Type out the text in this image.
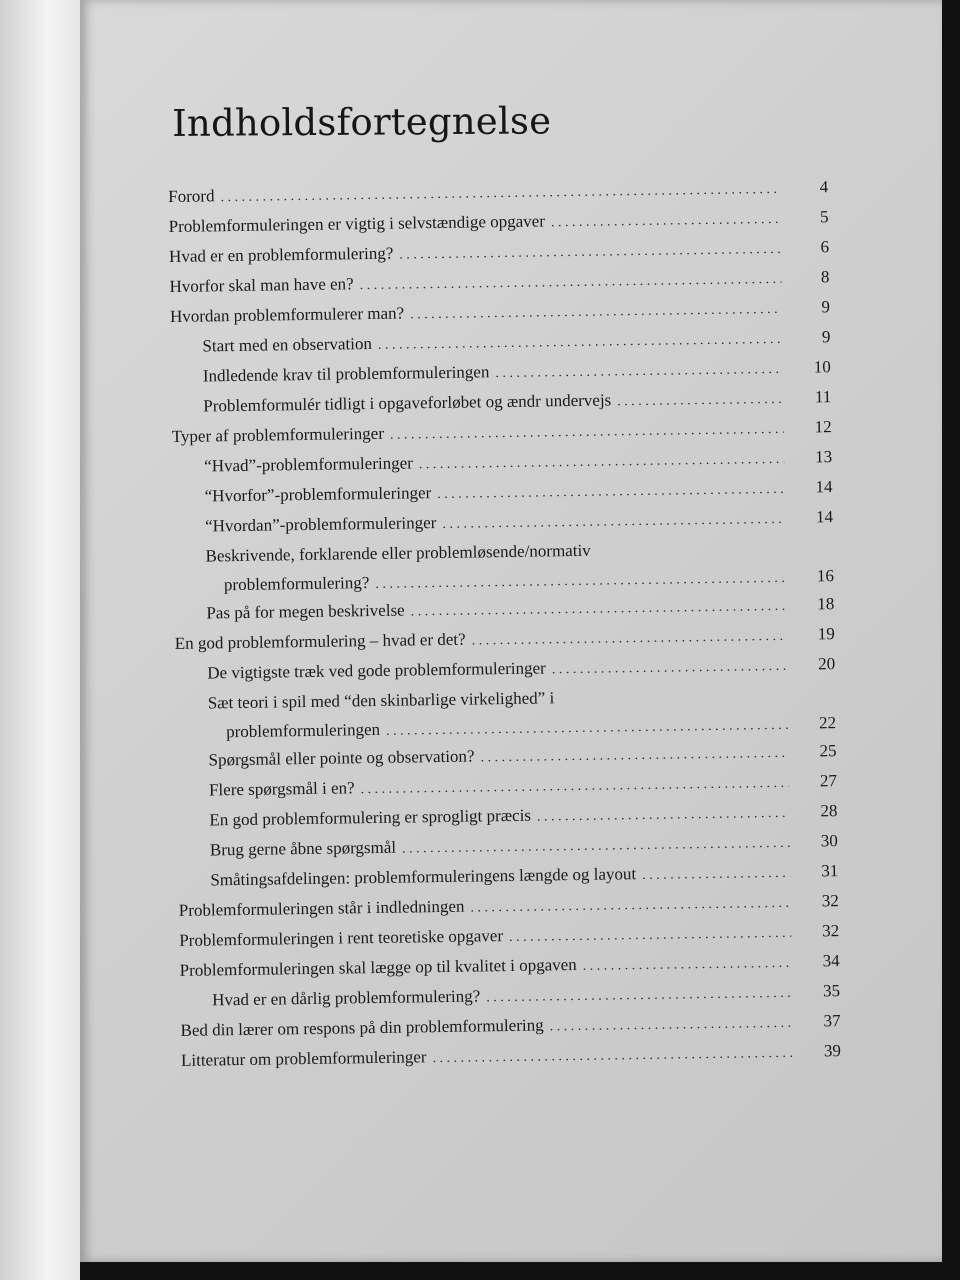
Indholdsfortegnelse
Forord . . .	4
Problemformuleringen er vigtig i selvstændige opgaver . . .	5
Hvad er en problemformulering? . . .	6
Hvorfor skal man have en? . . .	8
Hvordan problemformulerer man? . . .	9
Start med en observation . . .	9
Indledende krav til problemformuleringen . . .	10
Problemformulér tidligt i opgaveforløbet og ændr undervejs . . .	11
Typer af problemformuleringer . . .	12
“Hvad”-problemformuleringer . . .	13
“Hvorfor”-problemformuleringer . . .	14
“Hvordan”-problemformuleringer . . .	14
Beskrivende, forklarende eller problemløsende/normativ
problemformulering? . . .	16
Pas på for megen beskrivelse . . .	18
En god problemformulering – hvad er det? . . .	19
De vigtigste træk ved gode problemformuleringer . . .	20
Sæt teori i spil med “den skinbarlige virkelighed” i
problemformuleringen . . .	22
Spørgsmål eller pointe og observation? . . .	25
Flere spørgsmål i en? . . .	27
En god problemformulering er sprogligt præcis . . .	28
Brug gerne åbne spørgsmål . . .	30
Småtingsafdelingen: problemformuleringens længde og layout . . .	31
Problemformuleringen står i indledningen . . .	32
Problemformuleringen i rent teoretiske opgaver . . .	32
Problemformuleringen skal lægge op til kvalitet i opgaven . . .	34
Hvad er en dårlig problemformulering? . . .	35
Bed din lærer om respons på din problemformulering . . .	37
Litteratur om problemformuleringer . . .	39
